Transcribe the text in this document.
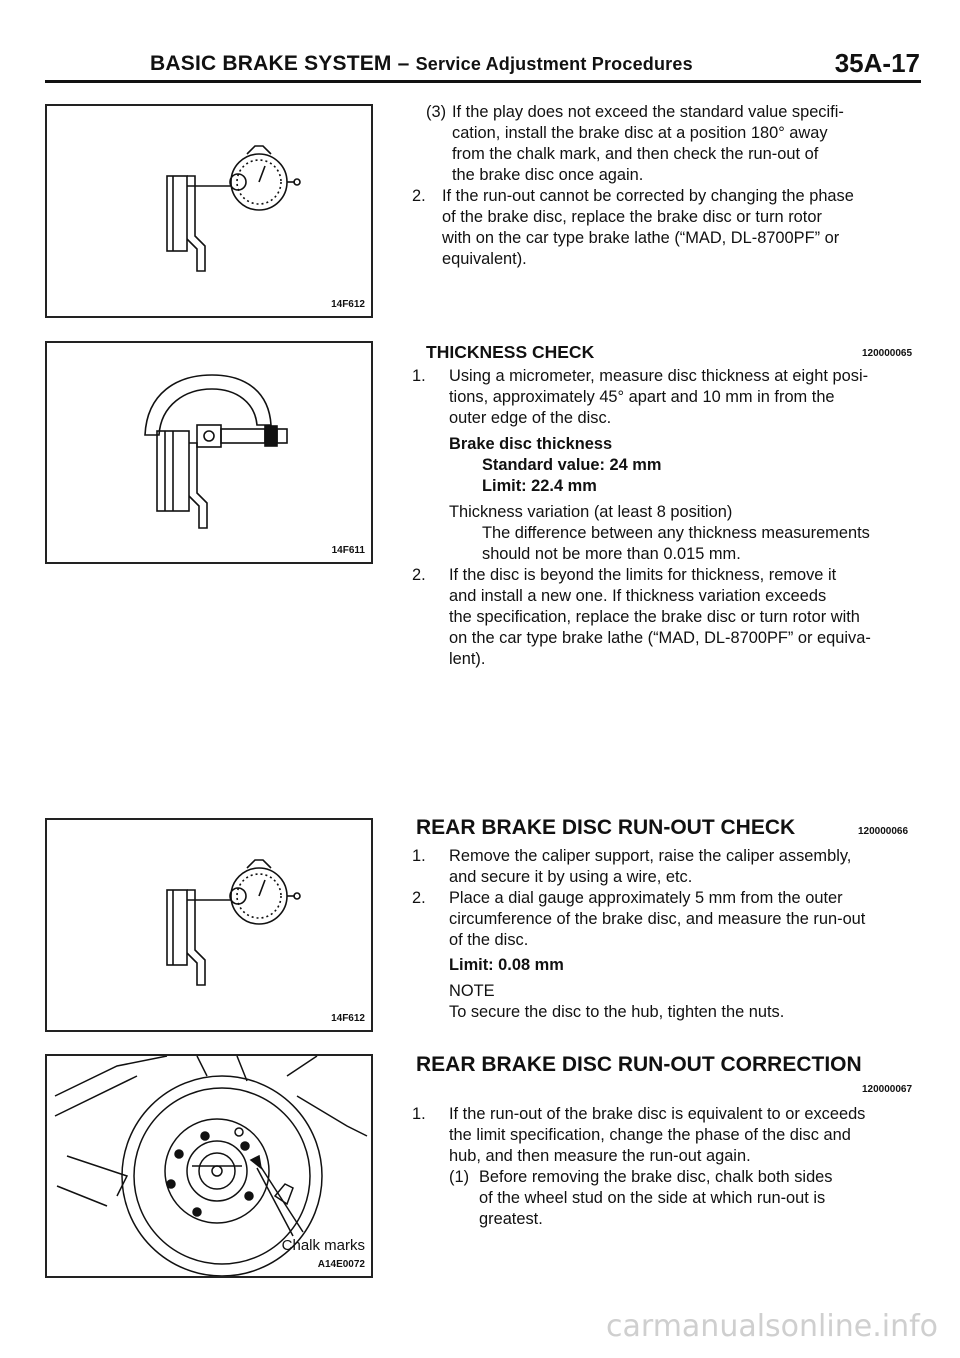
BASIC BRAKE SYSTEM – Service Adjustment Procedures	35A-17
14F612
14F611
14F612
Chalk marks
A14E0072
(3) If the play does not exceed the standard value specifi-
cation, install the brake disc at a position 180° away
from the chalk mark, and then check the run-out of
the brake disc once again.
2. If the run-out cannot be corrected by changing the phase
of the brake disc, replace the brake disc or turn rotor
with on the car type brake lathe (“MAD, DL-8700PF” or
equivalent).
THICKNESS CHECK	120000065
1. Using a micrometer, measure disc thickness at eight posi-
tions, approximately 45° apart and 10 mm in from the
outer edge of the disc.
Brake disc thickness
Standard value: 24 mm
Limit: 22.4 mm
Thickness variation (at least 8 position)
The difference between any thickness measurements
should not be more than 0.015 mm.
2. If the disc is beyond the limits for thickness, remove it
and install a new one. If thickness variation exceeds
the specification, replace the brake disc or turn rotor with
on the car type brake lathe (“MAD, DL-8700PF” or equiva-
lent).
REAR BRAKE DISC RUN-OUT CHECK	120000066
1. Remove the caliper support, raise the caliper assembly,
and secure it by using a wire, etc.
2. Place a dial gauge approximately 5 mm from the outer
circumference of the brake disc, and measure the run-out
of the disc.
Limit: 0.08 mm
NOTE
To secure the disc to the hub, tighten the nuts.
REAR BRAKE DISC RUN-OUT CORRECTION
120000067
1. If the run-out of the brake disc is equivalent to or exceeds
the limit specification, change the phase of the disc and
hub, and then measure the run-out again.
(1) Before removing the brake disc, chalk both sides
of the wheel stud on the side at which run-out is
greatest.
carmanualsonline.info
